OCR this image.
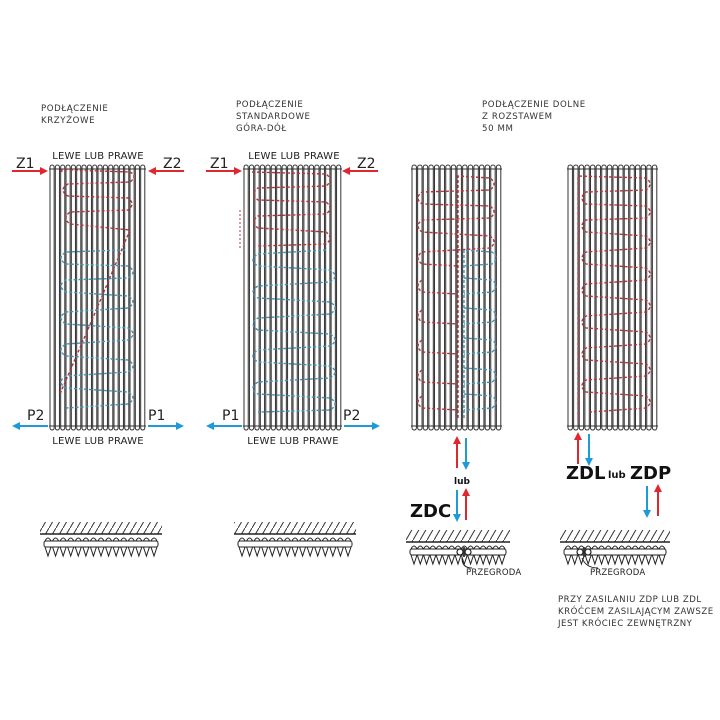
PODŁĄCZENIE
KRZYŻOWE
LEWE LUB PRAWE
Z1	Z2
P2	P1
LEWE LUB PRAWE
PODŁĄCZENIE
STANDARDOWE
GÓRA-DÓŁ
LEWE LUB PRAWE
Z1	Z2
P1	P2
LEWE LUB PRAWE
PODŁĄCZENIE DOLNE
Z ROZSTAWEM
50 MM
lub
ZDC
PRZEGRODA
ZDL lub ZDP
PRZEGRODA
PRZY ZASILANIU ZDP LUB ZDL
KRÓĆCEM ZASILAJĄCYM ZAWSZE
JEST KRÓCIEC ZEWNĘTRZNY
